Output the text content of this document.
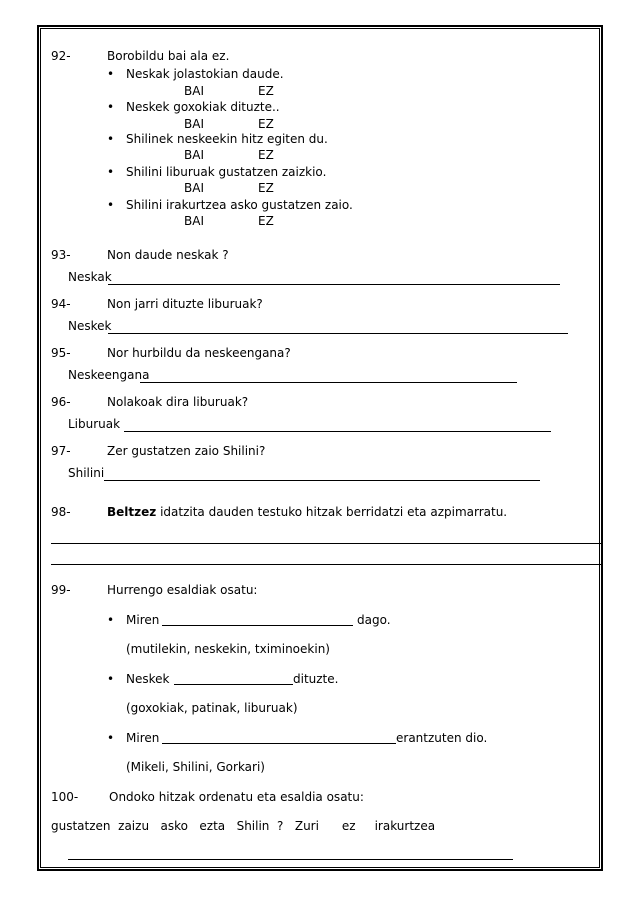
92-	Borobildu bai ala ez.
• Neskak jolastokian daude.
BAI	EZ
• Neskek goxokiak dituzte..
BAI	EZ
• Shilinek neskeekin hitz egiten du.
BAI	EZ
• Shilini liburuak gustatzen zaizkio.
BAI	EZ
• Shilini irakurtzea asko gustatzen zaio.
BAI	EZ
93-	Non daude neskak ?
Neskak
94-	Non jarri dituzte liburuak?
Neskek
95-	Nor hurbildu da neskeengana?
Neskeengana
96-	Nolakoak dira liburuak?
Liburuak
97-	Zer gustatzen zaio Shilini?
Shilini
98-	Beltzez idatzita dauden testuko hitzak berridatzi eta azpimarratu.
99-	Hurrengo esaldiak osatu:
• Miren	dago.
(mutilekin, neskekin, tximinoekin)
• Neskek	dituzte.
(goxokiak, patinak, liburuak)
• Miren	erantzuten dio.
(Mikeli, Shilini, Gorkari)
100-	Ondoko hitzak ordenatu eta esaldia osatu:
gustatzen  zaizu   asko   ezta   Shilin  ?   Zuri      ez     irakurtzea
